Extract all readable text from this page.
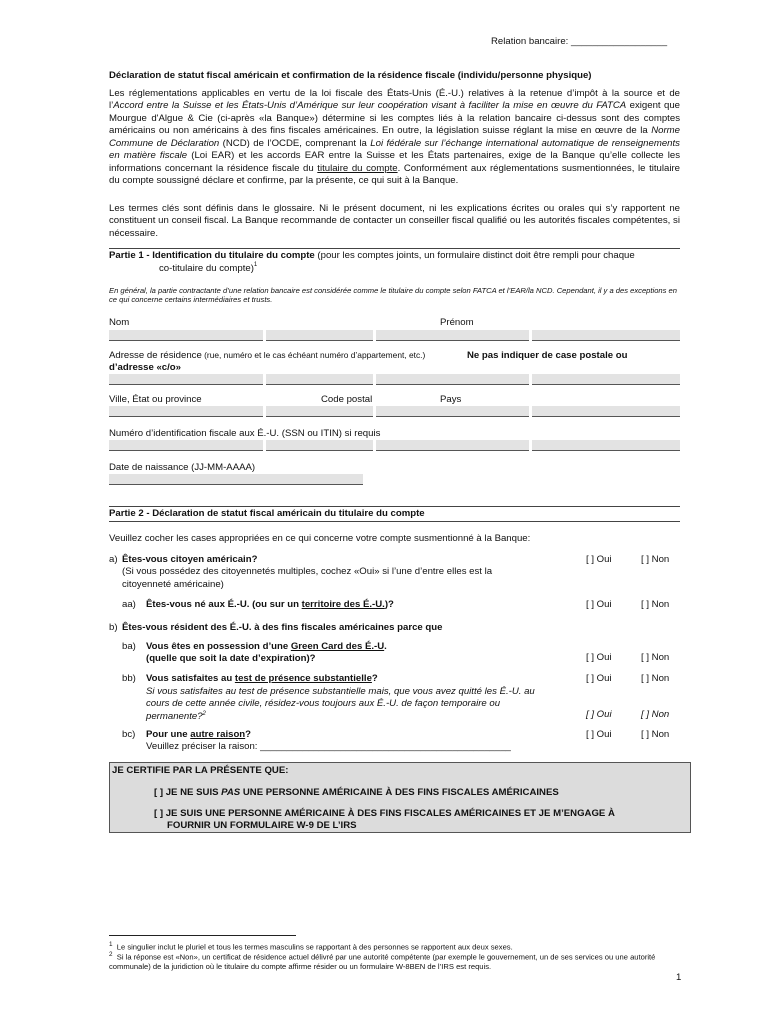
Relation bancaire: __________________
Déclaration de statut fiscal américain et confirmation de la résidence fiscale (individu/personne physique)
Les réglementations applicables en vertu de la loi fiscale des États-Unis (É.-U.) relatives à la retenue d’impôt à la source et de l’Accord entre la Suisse et les États-Unis d’Amérique sur leur coopération visant à faciliter la mise en œuvre du FATCA exigent que Mourgue d'Algue & Cie (ci-après «la Banque») détermine si les comptes liés à la relation bancaire ci-dessus sont des comptes américains ou non américains à des fins fiscales américaines. En outre, la législation suisse réglant la mise en œuvre de la Norme Commune de Déclaration (NCD) de l’OCDE, comprenant la Loi fédérale sur l’échange international automatique de renseignements en matière fiscale (Loi EAR) et les accords EAR entre la Suisse et les États partenaires, exige de la Banque qu’elle collecte les informations concernant la résidence fiscale du titulaire du compte. Conformément aux réglementations susmentionnées, le titulaire du compte soussigné déclare et confirme, par la présente, ce qui suit à la Banque.
Les termes clés sont définis dans le glossaire. Ni le présent document, ni les explications écrites ou orales qui s’y rapportent ne constituent un conseil fiscal. La Banque recommande de contacter un conseiller fiscal qualifié ou les autorités fiscales compétentes, si nécessaire.
Partie 1 - Identification du titulaire du compte (pour les comptes joints, un formulaire distinct doit être rempli pour chaque
co-titulaire du compte)$^1$
En général, la partie contractante d’une relation bancaire est considérée comme le titulaire du compte selon FATCA et l’EAR/la NCD. Cependant, il y a des exceptions en ce qui concerne certains intermédiaires et trusts.
Nom	Prénom
Adresse de résidence (rue, numéro et le cas échéant numéro d’appartement, etc.)	Ne pas indiquer de case postale ou

d’adresse «c/o»
Ville, État ou province	Code postal	Pays
Numéro d’identification fiscale aux É.-U. (SSN ou ITIN) si requis
Date de naissance (JJ-MM-AAAA)
Partie 2 - Déclaration de statut fiscal américain du titulaire du compte
Veuillez cocher les cases appropriées en ce qui concerne votre compte susmentionné à la Banque:
a) Êtes-vous citoyen américain?
(Si vous possédez des citoyennetés multiples, cochez «Oui» si l’une d’entre elles est la citoyenneté américaine)
[ ] Oui	[ ] Non
aa) Êtes-vous né aux É.-U. (ou sur un territoire des É.-U.)?	[ ] Oui	[ ] Non
b) Êtes-vous résident des É.-U. à des fins fiscales américaines parce que
ba) Vous êtes en possession d’une Green Card des É.-U.
(quelle que soit la date d’expiration)?	[ ] Oui	[ ] Non
bb) Vous satisfaites au test de présence substantielle?	[ ] Oui	[ ] Non
Si vous satisfaites au test de présence substantielle mais, que vous avez quitté les É.-U. au cours de cette année civile, résidez-vous toujours aux É.-U. de façon temporaire ou permanente?$^2$	[ ] Oui	[ ] Non
bc) Pour une autre raison?
Veuillez préciser la raison: _______________________________________________
[ ] Oui	[ ] Non
JE CERTIFIE PAR LA PRÉSENTE QUE:
[ ] JE NE SUIS PAS UNE PERSONNE AMÉRICAINE À DES FINS FISCALES AMÉRICAINES
[ ] JE SUIS UNE PERSONNE AMÉRICAINE À DES FINS FISCALES AMÉRICAINES ET JE M’ENGAGE À
FOURNIR UN FORMULAIRE W-9 DE L’IRS
$^1$ Le singulier inclut le pluriel et tous les termes masculins se rapportant à des personnes se rapportent aux deux sexes.
$^2$ Si la réponse est «Non», un certificat de résidence actuel délivré par une autorité compétente (par exemple le gouvernement, un de ses services ou une autorité communale) de la juridiction où le titulaire du compte affirme résider ou un formulaire W-8BEN de l’IRS est requis.
1
